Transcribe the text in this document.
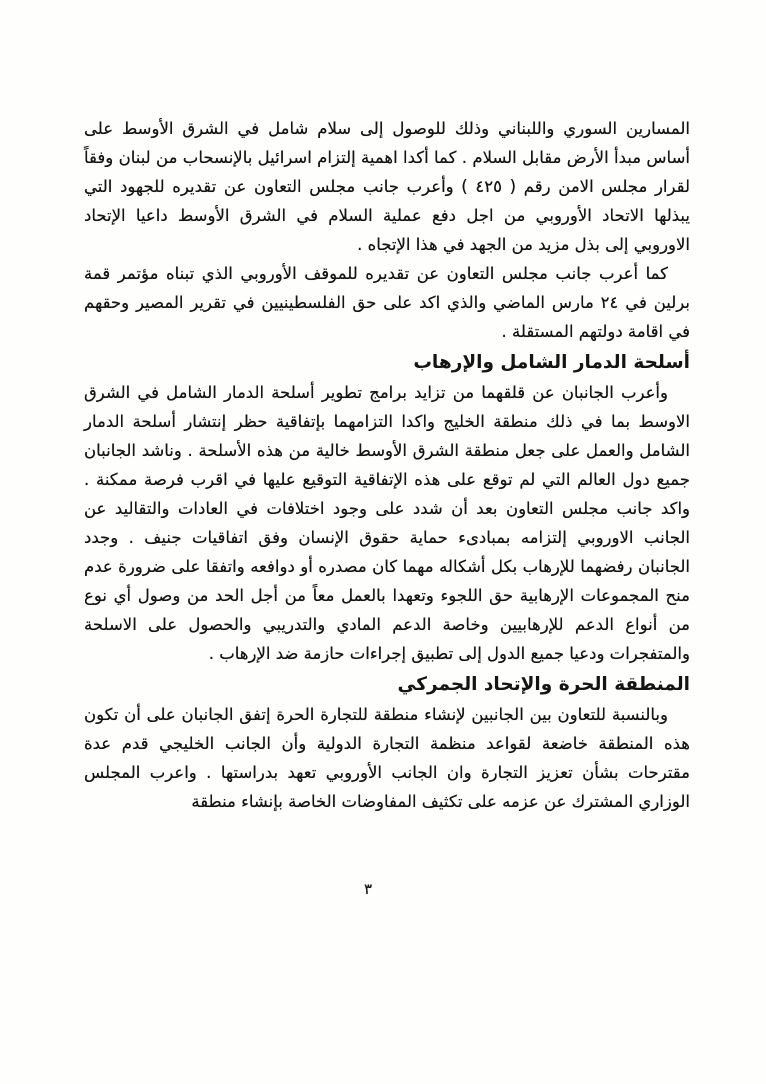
المسارين السوري واللبناني وذلك للوصول إلى سلام شامل في الشرق الأوسط على أساس مبدأ الأرض مقابل السلام . كما أكدا اهمية إلتزام اسرائيل بالإنسحاب من لبنان وفقاً لقرار مجلس الامن رقم ( ٤٢٥ ) وأعرب جانب مجلس التعاون عن تقديره للجهود التي يبذلها الاتحاد الأوروبي من اجل دفع عملية السلام في الشرق الأوسط داعيا الإتحاد الاوروبي إلى بذل مزيد من الجهد في هذا الإتجاه .

كما أعرب جانب مجلس التعاون عن تقديره للموقف الأوروبي الذي تبناه مؤتمر قمة برلين في ٢٤ مارس الماضي والذي اكد على حق الفلسطينيين في تقرير المصير وحقهم في اقامة دولتهم المستقلة .

أسلحة الدمار الشامل والإرهاب

وأعرب الجانبان عن قلقهما من تزايد برامج تطوير أسلحة الدمار الشامل في الشرق الاوسط بما في ذلك منطقة الخليج واكدا التزامهما بإتفاقية حظر إنتشار أسلحة الدمار الشامل والعمل على جعل منطقة الشرق الأوسط خالية من هذه الأسلحة . وناشد الجانبان جميع دول العالم التي لم توقع على هذه الإتفاقية التوقيع عليها في اقرب فرصة ممكنة . واكد جانب مجلس التعاون بعد أن شدد على وجود اختلافات في العادات والتقاليد عن الجانب الاوروبي إلتزامه بمبادىء حماية حقوق الإنسان وفق اتفاقيات جنيف . وجدد الجانبان رفضهما للإرهاب بكل أشكاله مهما كان مصدره أو دوافعه واتفقا على ضرورة عدم منح المجموعات الإرهابية حق اللجوء وتعهدا بالعمل معاً من أجل الحد من وصول أي نوع من أنواع الدعم للإرهابيين وخاصة الدعم المادي والتدريبي والحصول على الاسلحة والمتفجرات ودعيا جميع الدول إلى تطبيق إجراءات حازمة ضد الإرهاب .

المنطقة الحرة والإتحاد الجمركي

وبالنسبة للتعاون بين الجانبين لإنشاء منطقة للتجارة الحرة إتفق الجانبان على أن تكون هذه المنطقة خاضعة لقواعد منظمة التجارة الدولية وأن الجانب الخليجي قدم عدة مقترحات بشأن تعزيز التجارة وان الجانب الأوروبي تعهد بدراستها . واعرب المجلس الوزاري المشترك عن عزمه على تكثيف المفاوضات الخاصة بإنشاء منطقة

٣
